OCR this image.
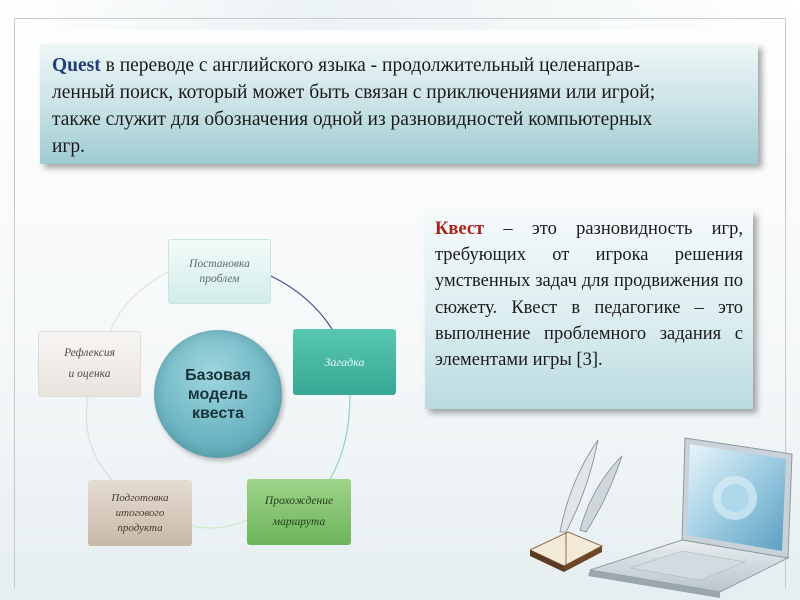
Quest в переводе с английского языка - продолжительный целенаправ-
ленный поиск, который может быть связан с приключениями или игрой;
также служит для обозначения одной из разновидностей компьютерных
игр.

Постановка
проблем
Загадка
Прохождение
маршрута
Подготовка
итогового
продукта
Рефлексия
и оценка	Базовая
модель
квеста

Квест – это разновидность игр, требующих от игрока решения умственных задач для продвижения по сюжету. Квест в педагогике – это выполнение проблемного задания с элементами игры [3].
